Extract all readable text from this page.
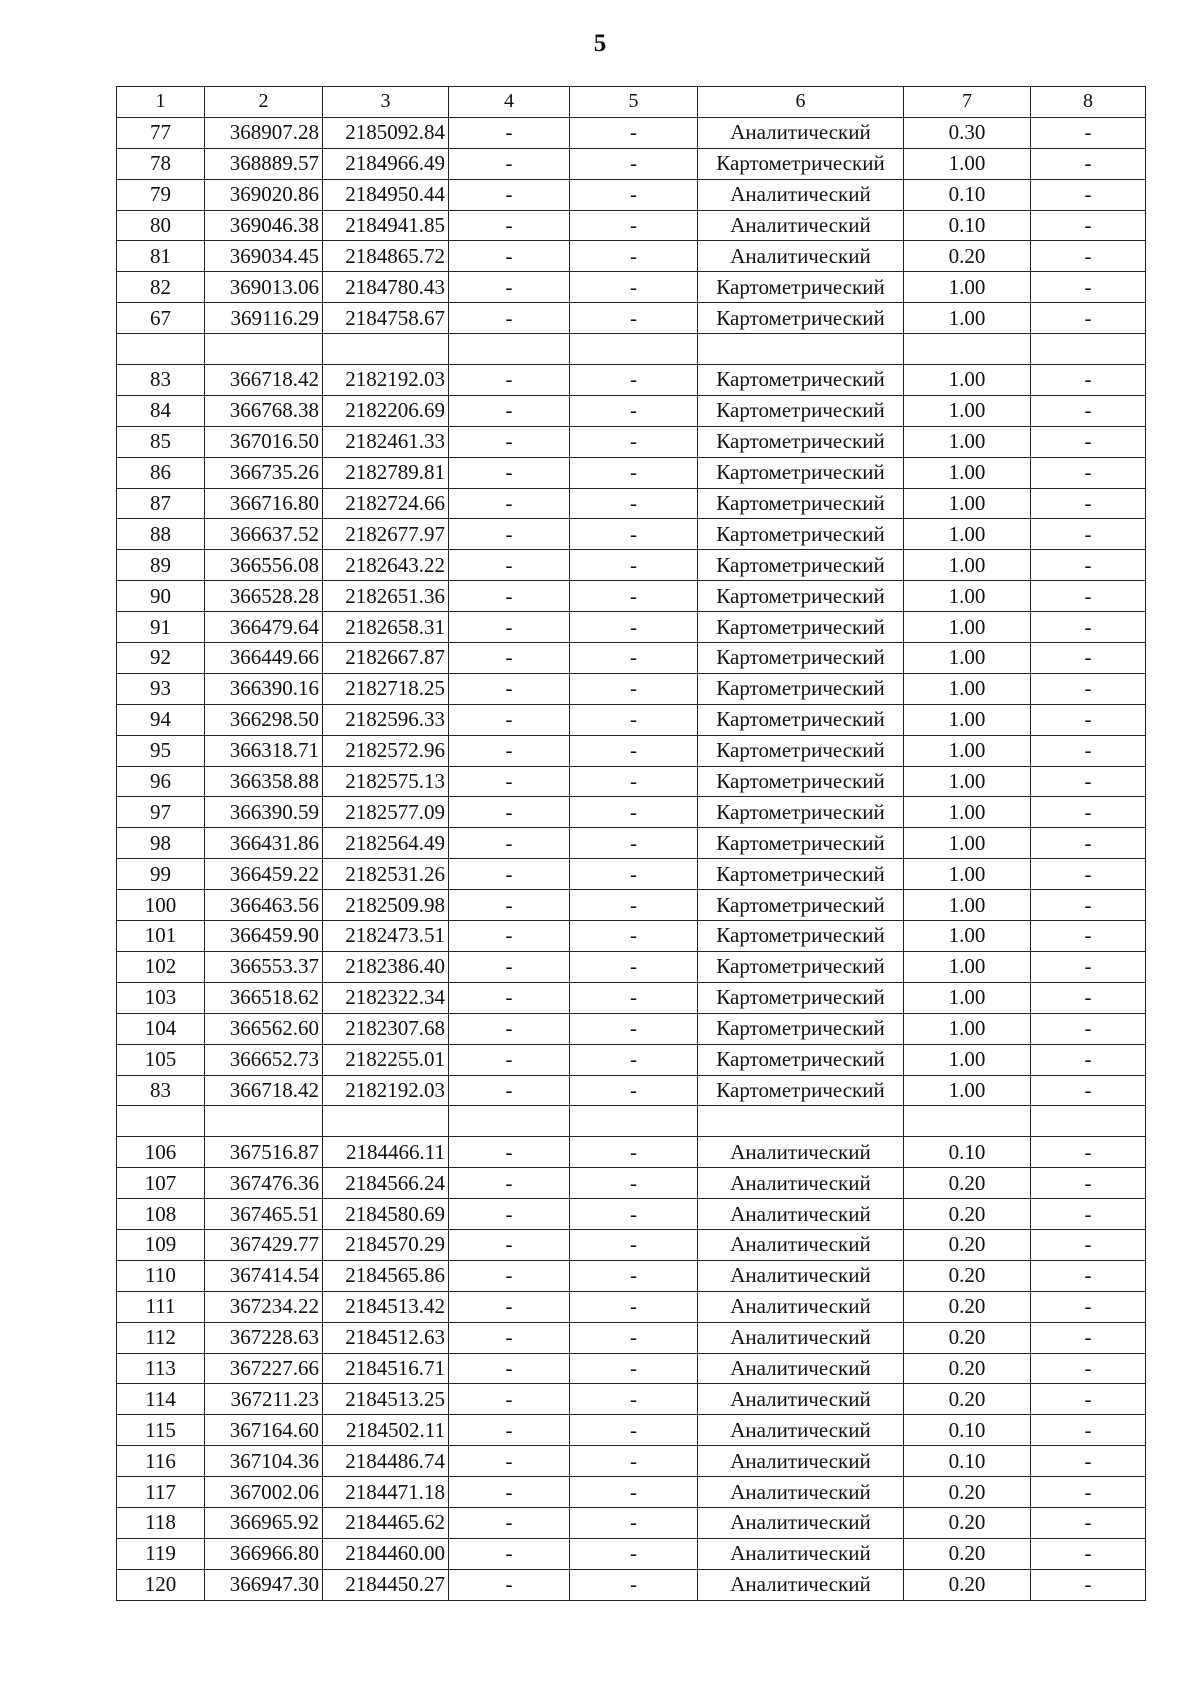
5
1	2	3	4	5	6	7	8
77	368907.28	2185092.84	-	-	Аналитический	0.30	-
78	368889.57	2184966.49	-	-	Картометрический	1.00	-
79	369020.86	2184950.44	-	-	Аналитический	0.10	-
80	369046.38	2184941.85	-	-	Аналитический	0.10	-
81	369034.45	2184865.72	-	-	Аналитический	0.20	-
82	369013.06	2184780.43	-	-	Картометрический	1.00	-
67	369116.29	2184758.67	-	-	Картометрический	1.00	-

83	366718.42	2182192.03	-	-	Картометрический	1.00	-
84	366768.38	2182206.69	-	-	Картометрический	1.00	-
85	367016.50	2182461.33	-	-	Картометрический	1.00	-
86	366735.26	2182789.81	-	-	Картометрический	1.00	-
87	366716.80	2182724.66	-	-	Картометрический	1.00	-
88	366637.52	2182677.97	-	-	Картометрический	1.00	-
89	366556.08	2182643.22	-	-	Картометрический	1.00	-
90	366528.28	2182651.36	-	-	Картометрический	1.00	-
91	366479.64	2182658.31	-	-	Картометрический	1.00	-
92	366449.66	2182667.87	-	-	Картометрический	1.00	-
93	366390.16	2182718.25	-	-	Картометрический	1.00	-
94	366298.50	2182596.33	-	-	Картометрический	1.00	-
95	366318.71	2182572.96	-	-	Картометрический	1.00	-
96	366358.88	2182575.13	-	-	Картометрический	1.00	-
97	366390.59	2182577.09	-	-	Картометрический	1.00	-
98	366431.86	2182564.49	-	-	Картометрический	1.00	-
99	366459.22	2182531.26	-	-	Картометрический	1.00	-
100	366463.56	2182509.98	-	-	Картометрический	1.00	-
101	366459.90	2182473.51	-	-	Картометрический	1.00	-
102	366553.37	2182386.40	-	-	Картометрический	1.00	-
103	366518.62	2182322.34	-	-	Картометрический	1.00	-
104	366562.60	2182307.68	-	-	Картометрический	1.00	-
105	366652.73	2182255.01	-	-	Картометрический	1.00	-
83	366718.42	2182192.03	-	-	Картометрический	1.00	-

106	367516.87	2184466.11	-	-	Аналитический	0.10	-
107	367476.36	2184566.24	-	-	Аналитический	0.20	-
108	367465.51	2184580.69	-	-	Аналитический	0.20	-
109	367429.77	2184570.29	-	-	Аналитический	0.20	-
110	367414.54	2184565.86	-	-	Аналитический	0.20	-
111	367234.22	2184513.42	-	-	Аналитический	0.20	-
112	367228.63	2184512.63	-	-	Аналитический	0.20	-
113	367227.66	2184516.71	-	-	Аналитический	0.20	-
114	367211.23	2184513.25	-	-	Аналитический	0.20	-
115	367164.60	2184502.11	-	-	Аналитический	0.10	-
116	367104.36	2184486.74	-	-	Аналитический	0.10	-
117	367002.06	2184471.18	-	-	Аналитический	0.20	-
118	366965.92	2184465.62	-	-	Аналитический	0.20	-
119	366966.80	2184460.00	-	-	Аналитический	0.20	-
120	366947.30	2184450.27	-	-	Аналитический	0.20	-
